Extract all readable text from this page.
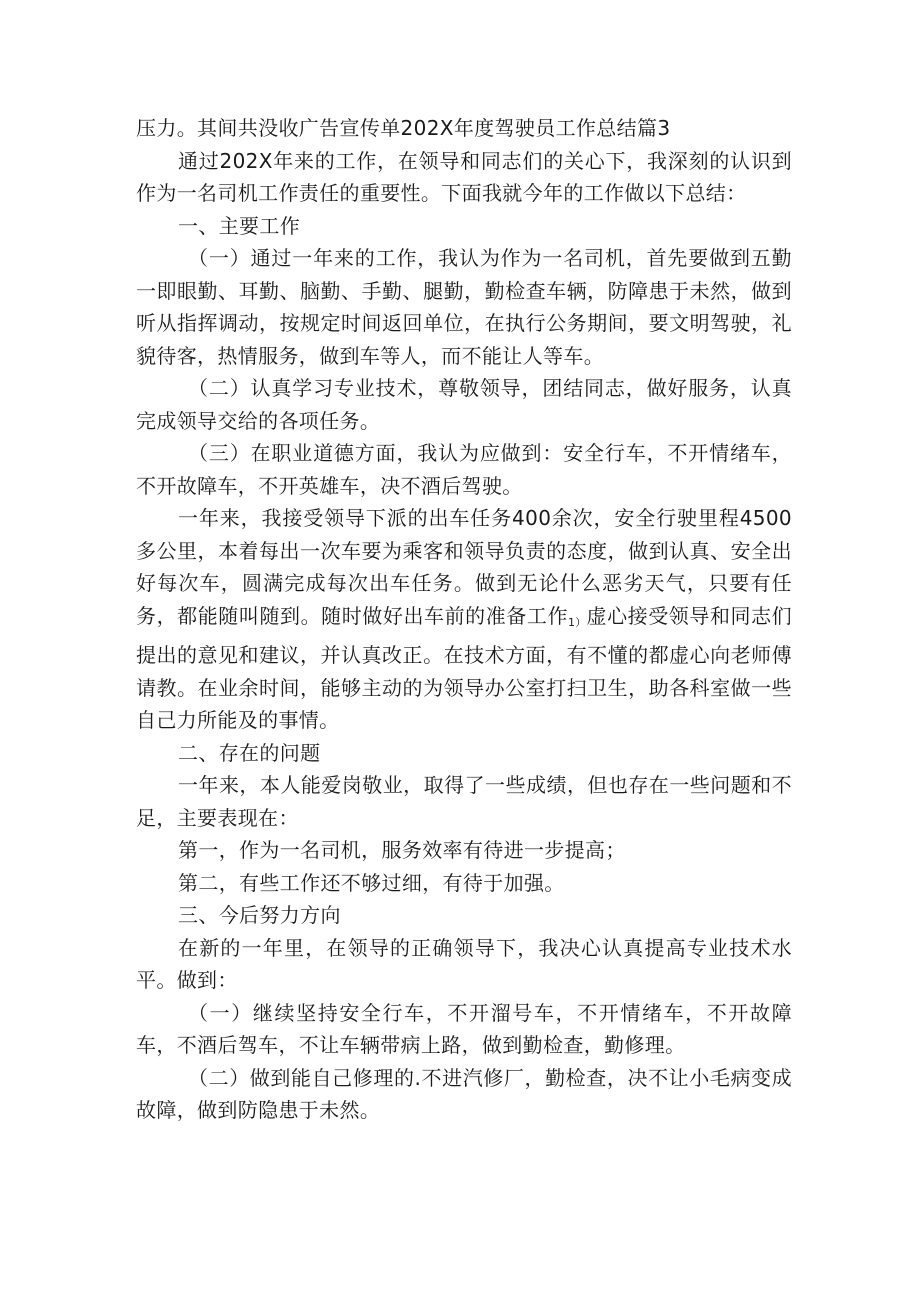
压力。其间共没收广告宣传单202X年度驾驶员工作总结篇3

通过202X年来的工作，在领导和同志们的关心下，我深刻的认识到作为一名司机工作责任的重要性。下面我就今年的工作做以下总结：

一、主要工作

（一）通过一年来的工作，我认为作为一名司机，首先要做到五勤一即眼勤、耳勤、脑勤、手勤、腿勤，勤检查车辆，防障患于未然，做到听从指挥调动，按规定时间返回单位，在执行公务期间，要文明驾驶，礼貌待客，热情服务，做到车等人，而不能让人等车。

（二）认真学习专业技术，尊敬领导，团结同志，做好服务，认真完成领导交给的各项任务。

（三）在职业道德方面，我认为应做到：安全行车，不开情绪车，不开故障车，不开英雄车，决不酒后驾驶。

一年来，我接受领导下派的出车任务400余次，安全行驶里程4500多公里，本着每出一次车要为乘客和领导负责的态度，做到认真、安全出好每次车，圆满完成每次出车任务。做到无论什么恶劣天气，只要有任务，都能随叫随到。随时做好出车前的准备工作$_{1)}$虚心接受领导和同志们提出的意见和建议，并认真改正。在技术方面，有不懂的都虚心向老师傅请教。在业余时间，能够主动的为领导办公室打扫卫生，助各科室做一些自己力所能及的事情。

二、存在的问题

一年来，本人能爱岗敬业，取得了一些成绩，但也存在一些问题和不足，主要表现在：

第一，作为一名司机，服务效率有待进一步提高；

第二，有些工作还不够过细，有待于加强。

三、今后努力方向

在新的一年里，在领导的正确领导下，我决心认真提高专业技术水平。做到：

（一）继续坚持安全行车，不开溜号车，不开情绪车，不开故障车，不酒后驾车，不让车辆带病上路，做到勤检查，勤修理。

（二）做到能自己修理的.不进汽修厂，勤检查，决不让小毛病变成故障，做到防隐患于未然。
